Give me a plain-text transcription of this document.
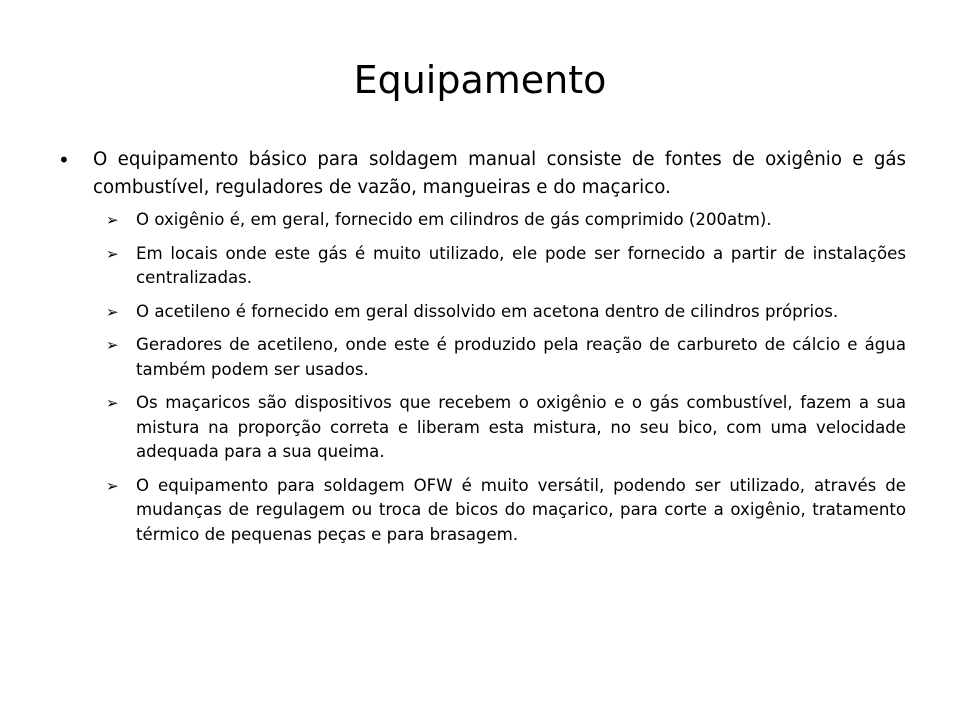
Equipamento

• O equipamento básico para soldagem manual consiste de fontes de oxigênio e gás combustível, reguladores de vazão, mangueiras e do maçarico.

➢ O oxigênio é, em geral, fornecido em cilindros de gás comprimido (200atm).
➢ Em locais onde este gás é muito utilizado, ele pode ser fornecido a partir de instalações centralizadas.
➢ O acetileno é fornecido em geral dissolvido em acetona dentro de cilindros próprios.
➢ Geradores de acetileno, onde este é produzido pela reação de carbureto de cálcio e água também podem ser usados.
➢ Os maçaricos são dispositivos que recebem o oxigênio e o gás combustível, fazem a sua mistura na proporção correta e liberam esta mistura, no seu bico, com uma velocidade adequada para a sua queima.
➢ O equipamento para soldagem OFW é muito versátil, podendo ser utilizado, através de mudanças de regulagem ou troca de bicos do maçarico, para corte a oxigênio, tratamento térmico de pequenas peças e para brasagem.
